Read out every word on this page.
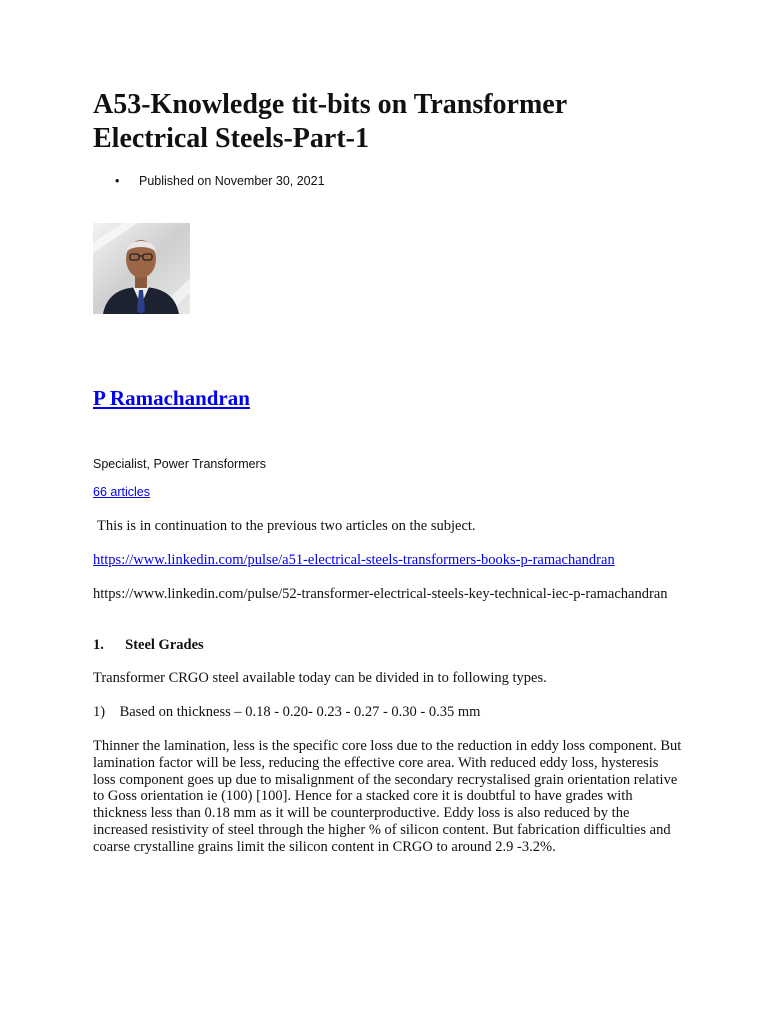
A53-Knowledge tit-bits on Transformer Electrical Steels-Part-1
• Published on November 30, 2021
P Ramachandran
Specialist, Power Transformers
66 articles

This is in continuation to the previous two articles on the subject.

https://www.linkedin.com/pulse/a51-electrical-steels-transformers-books-p-ramachandran

https://www.linkedin.com/pulse/52-transformer-electrical-steels-key-technical-iec-p-ramachandran

1. Steel Grades

Transformer CRGO steel available today can be divided in to following types.

1)    Based on thickness – 0.18 - 0.20- 0.23 - 0.27 - 0.30 - 0.35 mm

Thinner the lamination, less is the specific core loss due to the reduction in eddy loss component. But lamination factor will be less, reducing the effective core area. With reduced eddy loss, hysteresis loss component goes up due to misalignment of the secondary recrystalised grain orientation relative to Goss orientation ie (100) [100]. Hence for a stacked core it is doubtful to have grades with thickness less than 0.18 mm as it will be counterproductive. Eddy loss is also reduced by the increased resistivity of steel through the higher % of silicon content. But fabrication difficulties and coarse crystalline grains limit the silicon content in CRGO to around 2.9 -3.2%.
